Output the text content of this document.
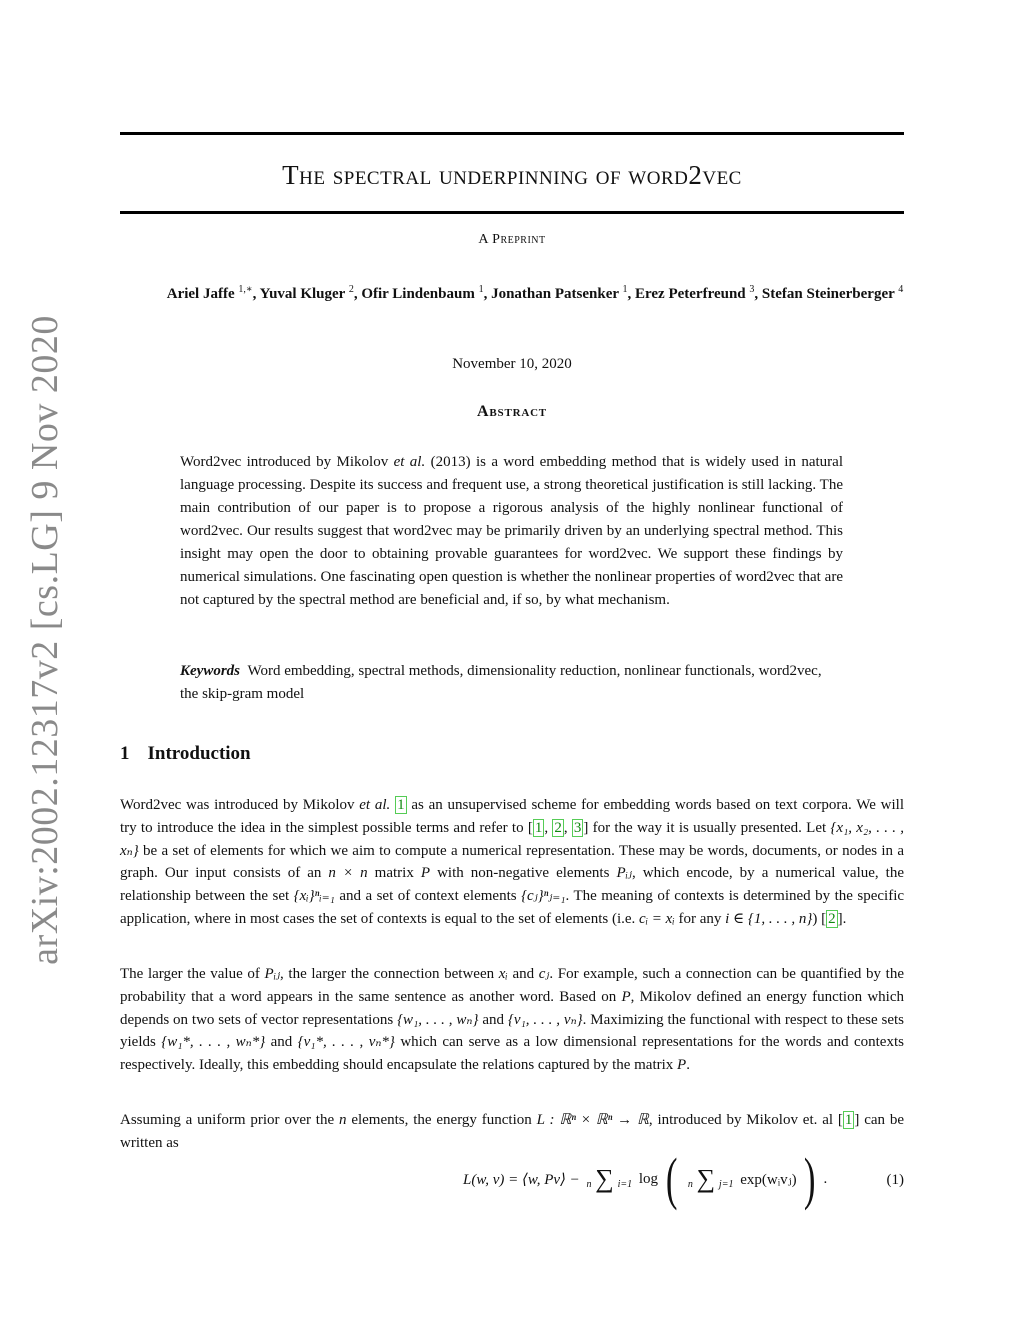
arXiv:2002.12317v2 [cs.LG] 9 Nov 2020
The spectral underpinning of word2vec
A Preprint
Ariel Jaffe $^{1,∗}$, Yuval Kluger $^2$, Ofir Lindenbaum $^1$, Jonathan Patsenker $^1$, Erez Peterfreund $^3$, Stefan Steinerberger $^4$
November 10, 2020
Abstract

Word2vec introduced by Mikolov et al. (2013) is a word embedding method that is widely used in natural language processing. Despite its success and frequent use, a strong theoretical justification is still lacking. The main contribution of our paper is to propose a rigorous analysis of the highly nonlinear functional of word2vec. Our results suggest that word2vec may be primarily driven by an underlying spectral method. This insight may open the door to obtaining provable guarantees for word2vec. We support these findings by numerical simulations. One fascinating open question is whether the nonlinear properties of word2vec that are not captured by the spectral method are beneficial and, if so, by what mechanism.

Keywords Word embedding, spectral methods, dimensionality reduction, nonlinear functionals, word2vec, the skip-gram model

1 Introduction

Word2vec was introduced by Mikolov et al. 1 as an unsupervised scheme for embedding words based on text corpora. We will try to introduce the idea in the simplest possible terms and refer to [ 1 , 2 , 3 ] for the way it is usually presented. Let {x₁, x₂, . . . , xₙ} be a set of elements for which we aim to compute a numerical representation. These may be words, documents, or nodes in a graph. Our input consists of an n × n matrix P with non-negative elements Pᵢⱼ, which encode, by a numerical value, the relationship between the set {xᵢ}ⁿᵢ₌₁ and a set of context elements {cⱼ}ⁿⱼ₌₁. The meaning of contexts is determined by the specific application, where in most cases the set of contexts is equal to the set of elements (i.e. cᵢ = xᵢ for any i ∈ {1, . . . , n}) [ 2 ].

The larger the value of Pᵢⱼ, the larger the connection between xᵢ and cⱼ. For example, such a connection can be quantified by the probability that a word appears in the same sentence as another word. Based on P, Mikolov defined an energy function which depends on two sets of vector representations {w₁, . . . , wₙ} and {v₁, . . . , vₙ}. Maximizing the functional with respect to these sets yields {w₁*, . . . , wₙ*} and {v₁*, . . . , vₙ*} which can serve as a low dimensional representations for the words and contexts respectively. Ideally, this embedding should encapsulate the relations captured by the matrix P.

Assuming a uniform prior over the n elements, the energy function L : ℝⁿ × ℝⁿ → ℝ, introduced by Mikolov et. al [ 1 ] can be written as

L(w, v) = ⟨w, Pv⟩ − n ∑ i=1 log ( n ∑ j=1 exp(wᵢvⱼ) ) .	(1)
